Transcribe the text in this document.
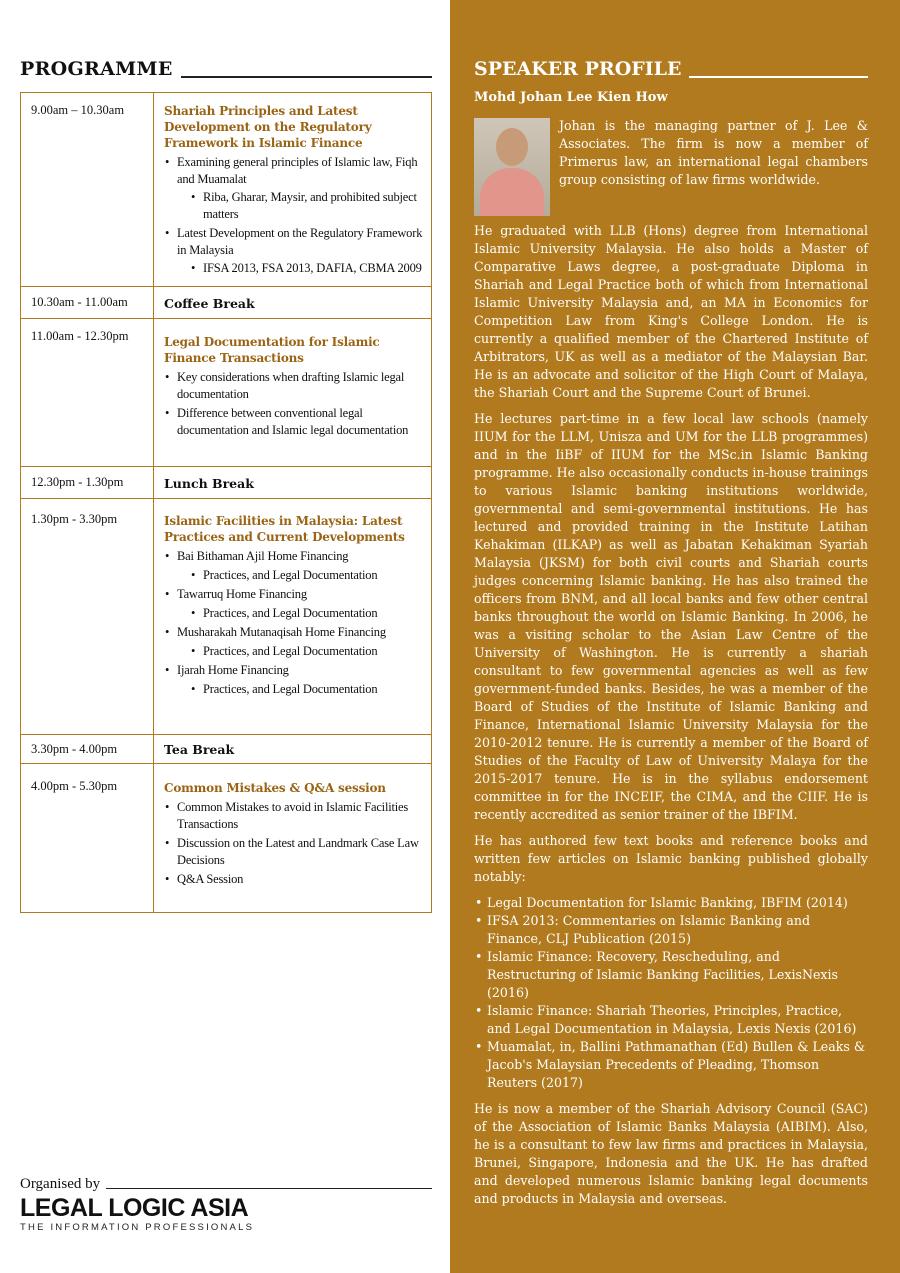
PROGRAMME
9.00am – 10.30am	Shariah Principles and Latest Development on the Regulatory Framework in Islamic Finance

• Examining general principles of Islamic law, Fiqh and Muamalat
• Riba, Gharar, Maysir, and prohibited subject matters
• Latest Development on the Regulatory Framework in Malaysia
• IFSA 2013, FSA 2013, DAFIA, CBMA 2009
10.30am - 11.00am	Coffee Break

11.00am - 12.30pm	Legal Documentation for Islamic Finance Transactions

• Key considerations when drafting Islamic legal documentation
• Difference between conventional legal documentation and Islamic legal documentation
12.30pm - 1.30pm	Lunch Break

1.30pm - 3.30pm	Islamic Facilities in Malaysia: Latest Practices and Current Developments

• Bai Bithaman Ajil Home Financing
• Practices, and Legal Documentation
• Tawarruq Home Financing
• Practices, and Legal Documentation
• Musharakah Mutanaqisah Home Financing
• Practices, and Legal Documentation
• Ijarah Home Financing
• Practices, and Legal Documentation
3.30pm - 4.00pm	Tea Break

4.00pm - 5.30pm	Common Mistakes & Q&A session

• Common Mistakes to avoid in Islamic Facilities Transactions
• Discussion on the Latest and Landmark Case Law Decisions
• Q&A Session
Organised by
LEGAL LOGIC ASIA
THE INFORMATION PROFESSIONALS
SPEAKER PROFILE
Mohd Johan Lee Kien How

Johan is the managing partner of J. Lee & Associates. The firm is now a member of Primerus law, an international legal chambers group consisting of law firms worldwide.

He graduated with LLB (Hons) degree from International Islamic University Malaysia. He also holds a Master of Comparative Laws degree, a post-graduate Diploma in Shariah and Legal Practice both of which from International Islamic University Malaysia and, an MA in Economics for Competition Law from King's College London. He is currently a qualified member of the Chartered Institute of Arbitrators, UK as well as a mediator of the Malaysian Bar. He is an advocate and solicitor of the High Court of Malaya, the Shariah Court and the Supreme Court of Brunei.

He lectures part-time in a few local law schools (namely IIUM for the LLM, Unisza and UM for the LLB programmes) and in the IiBF of IIUM for the MSc.in Islamic Banking programme. He also occasionally conducts in-house trainings to various Islamic banking institutions worldwide, governmental and semi-governmental institutions. He has lectured and provided training in the Institute Latihan Kehakiman (ILKAP) as well as Jabatan Kehakiman Syariah Malaysia (JKSM) for both civil courts and Shariah courts judges concerning Islamic banking. He has also trained the officers from BNM, and all local banks and few other central banks throughout the world on Islamic Banking. In 2006, he was a visiting scholar to the Asian Law Centre of the University of Washington. He is currently a shariah consultant to few governmental agencies as well as few government-funded banks. Besides, he was a member of the Board of Studies of the Institute of Islamic Banking and Finance, International Islamic University Malaysia for the 2010-2012 tenure. He is currently a member of the Board of Studies of the Faculty of Law of University Malaya for the 2015-2017 tenure. He is in the syllabus endorsement committee in for the INCEIF, the CIMA, and the CIIF. He is recently accredited as senior trainer of the IBFIM.

He has authored few text books and reference books and written few articles on Islamic banking published globally notably:

• Legal Documentation for Islamic Banking, IBFIM (2014)
• IFSA 2013: Commentaries on Islamic Banking and Finance, CLJ Publication (2015)
• Islamic Finance: Recovery, Rescheduling, and Restructuring of Islamic Banking Facilities, LexisNexis (2016)
• Islamic Finance: Shariah Theories, Principles, Practice, and Legal Documentation in Malaysia, Lexis Nexis (2016)
• Muamalat, in, Ballini Pathmanathan (Ed) Bullen & Leaks & Jacob's Malaysian Precedents of Pleading, Thomson Reuters (2017)

He is now a member of the Shariah Advisory Council (SAC) of the Association of Islamic Banks Malaysia (AIBIM). Also, he is a consultant to few law firms and practices in Malaysia, Brunei, Singapore, Indonesia and the UK. He has drafted and developed numerous Islamic banking legal documents and products in Malaysia and overseas.
